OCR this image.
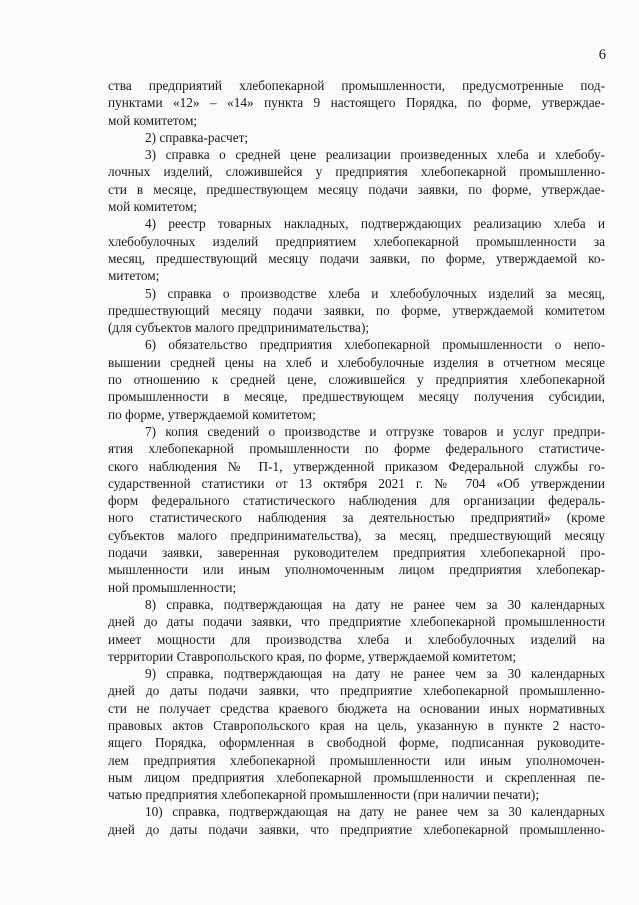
6
ства предприятий хлебопекарной промышленности, предусмотренные под-
пунктами «12» – «14» пункта 9 настоящего Порядка, по форме, утверждае-
мой комитетом;
2) справка-расчет;
3) справка о средней цене реализации произведенных хлеба и хлебобу-
лочных изделий, сложившейся у предприятия хлебопекарной промышленно-
сти в месяце, предшествующем месяцу подачи заявки, по форме, утверждае-
мой комитетом;
4) реестр товарных накладных, подтверждающих реализацию хлеба и
хлебобулочных изделий предприятием хлебопекарной промышленности за
месяц, предшествующий месяцу подачи заявки, по форме, утверждаемой ко-
митетом;
5) справка о производстве хлеба и хлебобулочных изделий за месяц,
предшествующий месяцу подачи заявки, по форме, утверждаемой комитетом
(для субъектов малого предпринимательства);
6) обязательство предприятия хлебопекарной промышленности о непо-
вышении средней цены на хлеб и хлебобулочные изделия в отчетном месяце
по отношению к средней цене, сложившейся у предприятия хлебопекарной
промышленности в месяце, предшествующем месяцу получения субсидии,
по форме, утверждаемой комитетом;
7) копия сведений о производстве и отгрузке товаров и услуг предпри-
ятия хлебопекарной промышленности по форме федерального статистиче-
ского наблюдения № П-1, утвержденной приказом Федеральной службы го-
сударственной статистики от 13 октября 2021 г. № 704 «Об утверждении
форм федерального статистического наблюдения для организации федераль-
ного статистического наблюдения за деятельностью предприятий» (кроме
субъектов малого предпринимательства), за месяц, предшествующий месяцу
подачи заявки, заверенная руководителем предприятия хлебопекарной про-
мышленности или иным уполномоченным лицом предприятия хлебопекар-
ной промышленности;
8) справка, подтверждающая на дату не ранее чем за 30 календарных
дней до даты подачи заявки, что предприятие хлебопекарной промышленности
имеет мощности для производства хлеба и хлебобулочных изделий на
территории Ставропольского края, по форме, утверждаемой комитетом;
9) справка, подтверждающая на дату не ранее чем за 30 календарных
дней до даты подачи заявки, что предприятие хлебопекарной промышленно-
сти не получает средства краевого бюджета на основании иных нормативных
правовых актов Ставропольского края на цель, указанную в пункте 2 насто-
ящего Порядка, оформленная в свободной форме, подписанная руководите-
лем предприятия хлебопекарной промышленности или иным уполномочен-
ным лицом предприятия хлебопекарной промышленности и скрепленная пе-
чатью предприятия хлебопекарной промышленности (при наличии печати);
10) справка, подтверждающая на дату не ранее чем за 30 календарных
дней до даты подачи заявки, что предприятие хлебопекарной промышленно-
